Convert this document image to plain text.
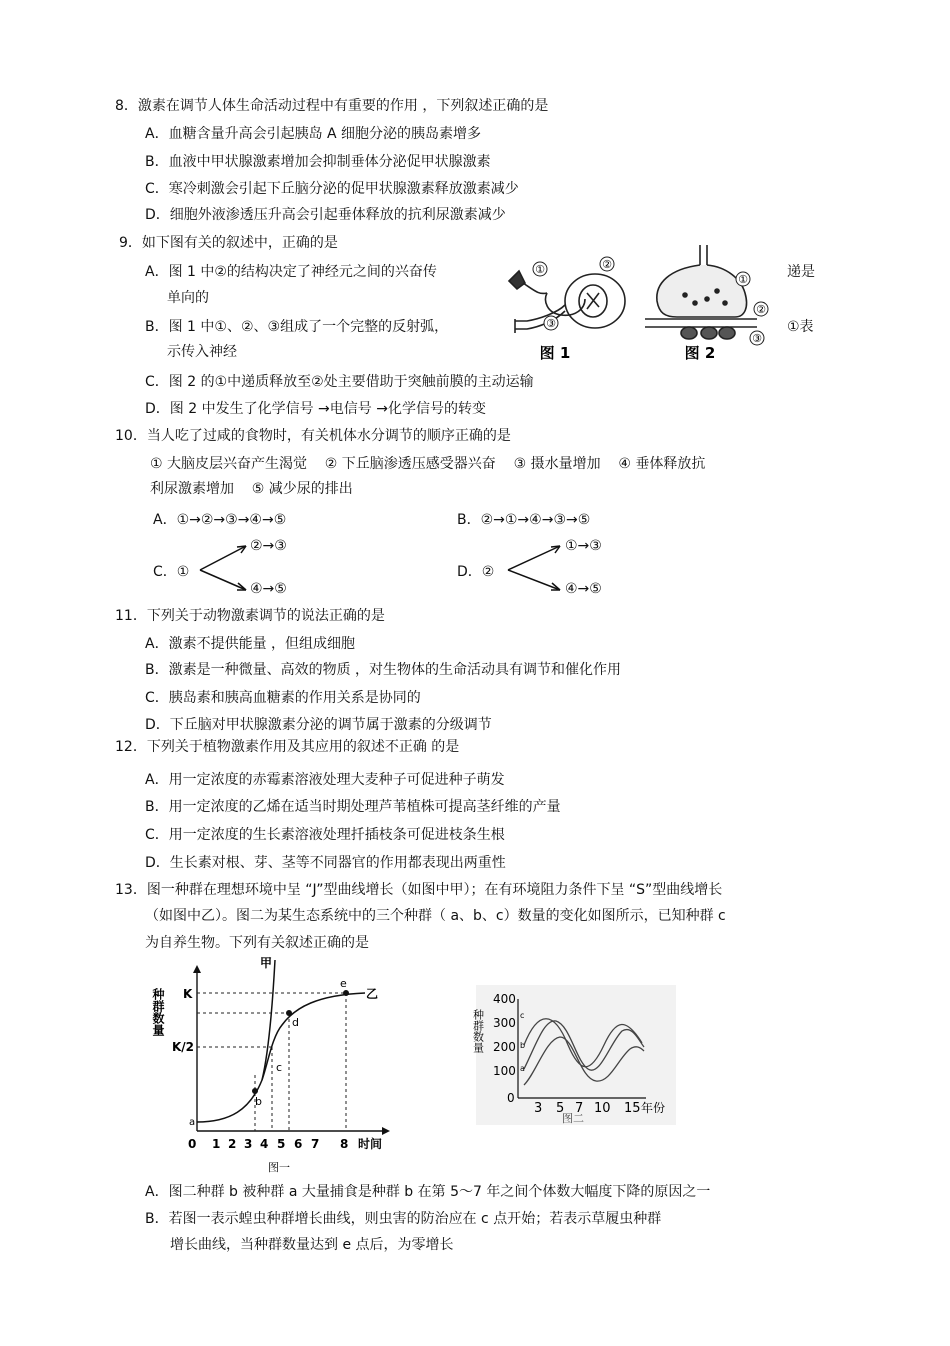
8．激素在调节人体生命活动过程中有重要的作用 ，下列叙述正确的是
A．血糖含量升高会引起胰岛 A 细胞分泌的胰岛素增多
B．血液中甲状腺激素增加会抑制垂体分泌促甲状腺激素
C．寒冷刺激会引起下丘脑分泌的促甲状腺激素释放激素减少
D．细胞外液渗透压升高会引起垂体释放的抗利尿激素减少
9．如下图有关的叙述中，正确的是
A．图 1 中②的结构决定了神经元之间的兴奋传	递是
单向的
B．图 1 中①、②、③组成了一个完整的反射弧，	①表
示传入神经
C．图 2 的①中递质释放至②处主要借助于突触前膜的主动运输
D．图 2 中发生了化学信号 →电信号 →化学信号的转变
①	②
③
图 1
①
②
③
图 2
10．当人吃了过咸的食物时，有关机体水分调节的顺序正确的是
① 大脑皮层兴奋产生渴觉    ② 下丘脑渗透压感受器兴奋    ③ 摄水量增加    ④ 垂体释放抗
利尿激素增加    ⑤ 减少尿的排出
A．①→②→③→④→⑤	B．②→①→④→③→⑤
C．①
②→③
④→⑤
D．②
①→③
④→⑤
11．下列关于动物激素调节的说法正确的是
A．激素不提供能量 ，但组成细胞
B．激素是一种微量、高效的物质 ，对生物体的生命活动具有调节和催化作用
C．胰岛素和胰高血糖素的作用关系是协同的
D．下丘脑对甲状腺激素分泌的调节属于激素的分级调节
12．下列关于植物激素作用及其应用的叙述不正确 的是
A．用一定浓度的赤霉素溶液处理大麦种子可促进种子萌发
B．用一定浓度的乙烯在适当时期处理芦苇植株可提高茎纤维的产量
C．用一定浓度的生长素溶液处理扦插枝条可促进枝条生根
D．生长素对根、芽、茎等不同器官的作用都表现出两重性
13．图一种群在理想环境中呈 “J”型曲线增长（如图中甲）；在有环境阻力条件下呈 “S”型曲线增长
（如图中乙）。图二为某生态系统中的三个种群（ a、b、c）数量的变化如图所示，已知种群 c
为自养生物。下列有关叙述正确的是
种群数量 K
K/2
甲
乙
a
b
c
d
e
0 1 2 3 4 5 6 7 8 时间
图一
种群数量
0
100
200
300
400
a
b
c
3 5 7 10 15 年份
图二
A．图二种群 b 被种群 a 大量捕食是种群 b 在第 5～7 年之间个体数大幅度下降的原因之一
B．若图一表示蝗虫种群增长曲线，则虫害的防治应在 c 点开始；若表示草履虫种群
增长曲线，当种群数量达到 e 点后，为零增长
